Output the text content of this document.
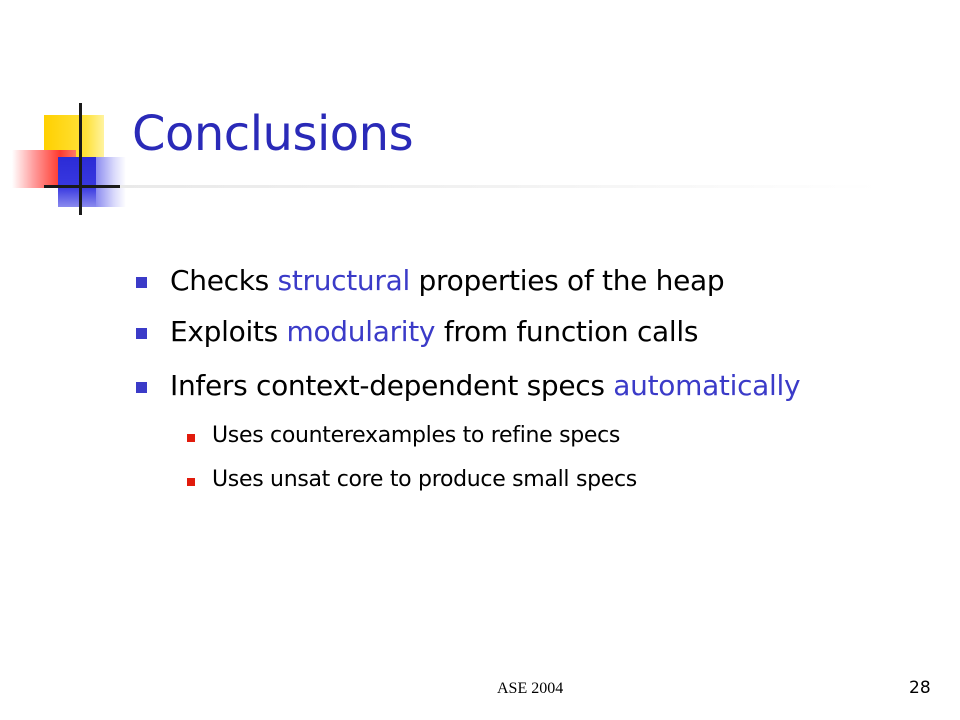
Conclusions
Checks structural properties of the heap
Exploits modularity from function calls
Infers context-dependent specs automatically
Uses counterexamples to refine specs
Uses unsat core to produce small specs
ASE 2004	28
